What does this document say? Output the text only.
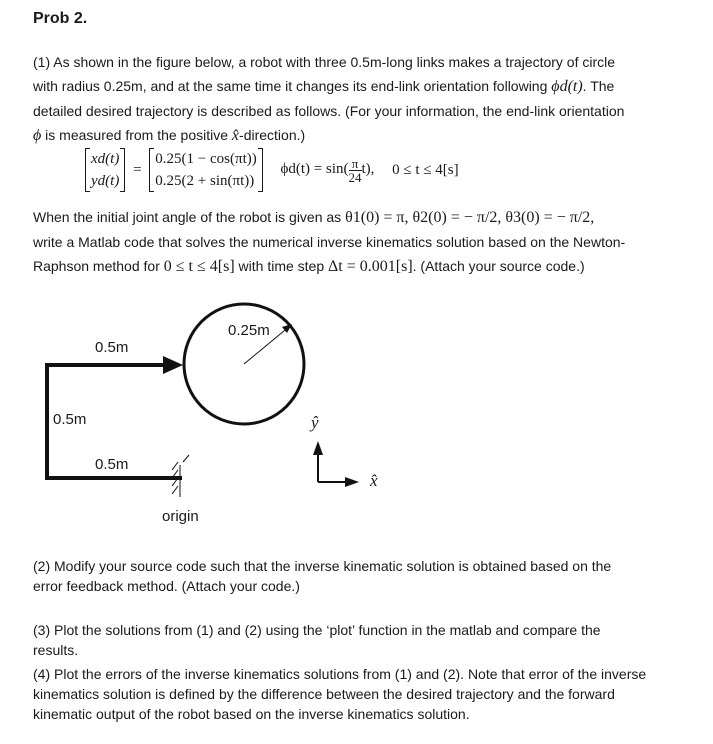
Prob 2.
(1) As shown in the figure below, a robot with three 0.5m-long links makes a trajectory of circle
with radius 0.25m, and at the same time it changes its end-link orientation following ϕd(t). The
detailed desired trajectory is described as follows. (For your information, the end-link orientation
ϕ is measured from the positive x̂-direction.)
xd(t)
yd(t)
=
0.25(1 − cos(πt))
0.25(2 + sin(πt))
$\phi d(t) = \sin( \frac{\pi}{24} t)$, 0 ≤ t ≤ 4[s]
When the initial joint angle of the robot is given as θ1(0) = π, θ2(0) = − π/2, θ3(0) = − π/2,
write a Matlab code that solves the numerical inverse kinematics solution based on the Newton-
Raphson method for 0 ≤ t ≤ 4[s] with time step Δt = 0.001[s]. (Attach your source code.)
0.25m
0.5m
0.5m
0.5m
origin
ŷ
x̂
(2) Modify your source code such that the inverse kinematic solution is obtained based on the
error feedback method. (Attach your code.)
(3) Plot the solutions from (1) and (2) using the ‘plot’ function in the matlab and compare the
results.
(4) Plot the errors of the inverse kinematics solutions from (1) and (2). Note that error of the inverse
kinematics solution is defined by the difference between the desired trajectory and the forward
kinematic output of the robot based on the inverse kinematics solution.
